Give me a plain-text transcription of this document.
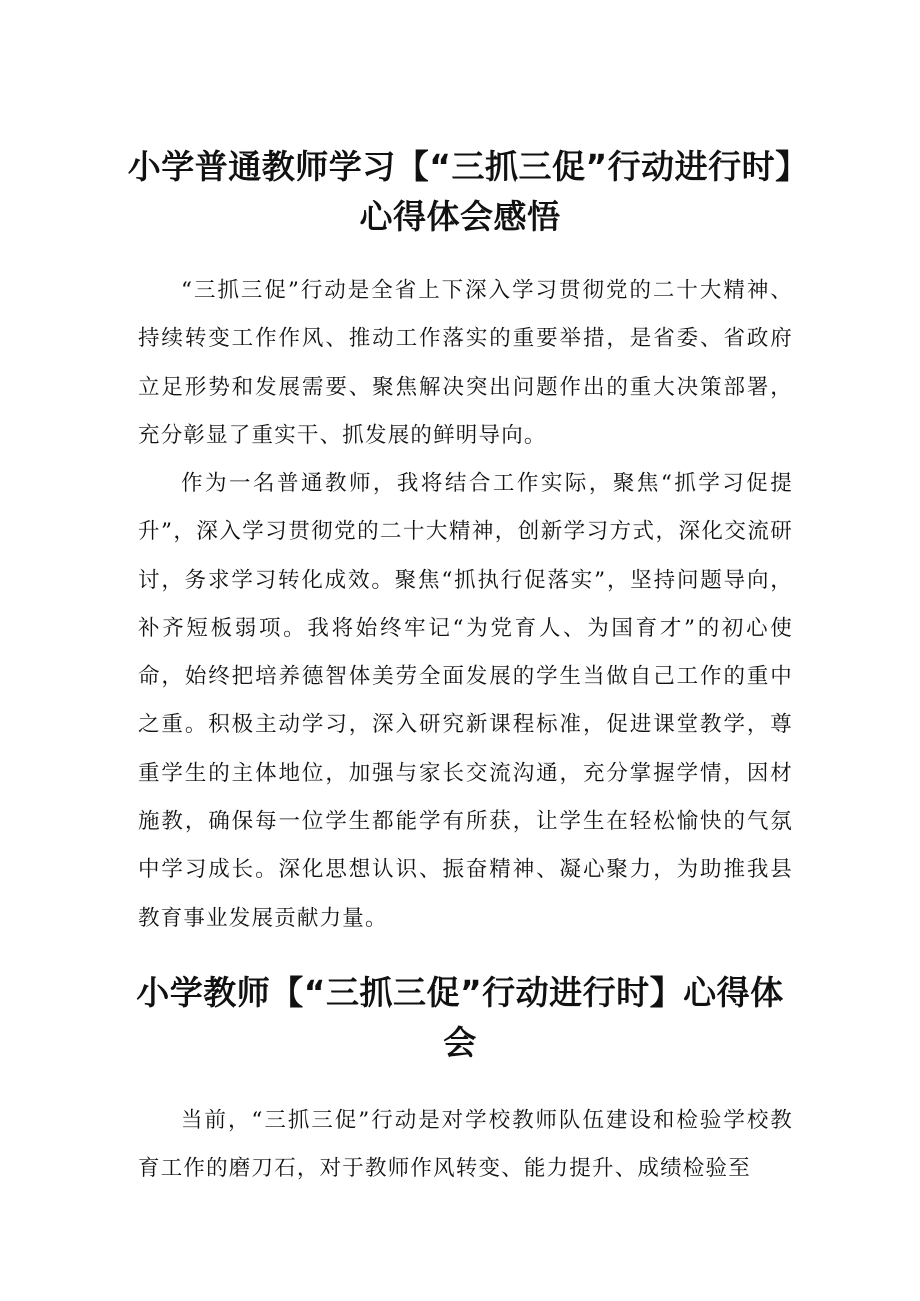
小学普通教师学习【“三抓三促”行动进行时】心得体会感悟

“三抓三促”行动是全省上下深入学习贯彻党的二十大精神、持续转变工作作风、推动工作落实的重要举措，是省委、省政府立足形势和发展需要、聚焦解决突出问题作出的重大决策部署，充分彰显了重实干、抓发展的鲜明导向。

作为一名普通教师，我将结合工作实际，聚焦“抓学习促提升”，深入学习贯彻党的二十大精神，创新学习方式，深化交流研讨，务求学习转化成效。聚焦“抓执行促落实”，坚持问题导向，补齐短板弱项。我将始终牢记“为党育人、为国育才”的初心使命，始终把培养德智体美劳全面发展的学生当做自己工作的重中之重。积极主动学习，深入研究新课程标准，促进课堂教学，尊重学生的主体地位，加强与家长交流沟通，充分掌握学情，因材施教，确保每一位学生都能学有所获，让学生在轻松愉快的气氛中学习成长。深化思想认识、振奋精神、凝心聚力，为助推我县教育事业发展贡献力量。

小学教师【“三抓三促”行动进行时】心得体会

当前，“三抓三促”行动是对学校教师队伍建设和检验学校教育工作的磨刀石，对于教师作风转变、能力提升、成绩检验至
